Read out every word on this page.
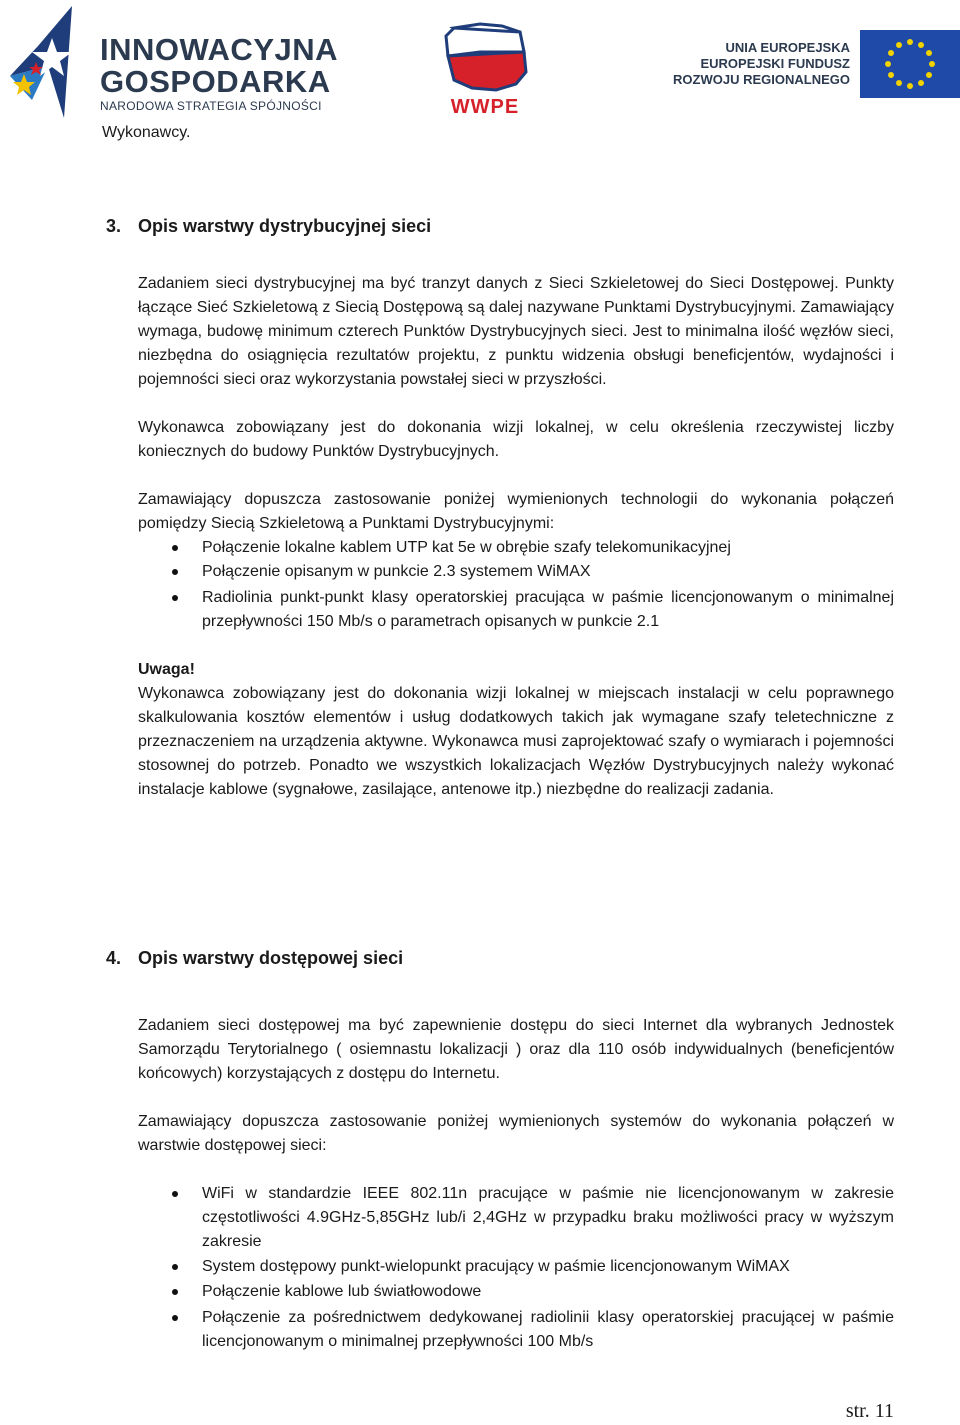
INNOWACYJNA
GOSPODARKA
NARODOWA STRATEGIA SPÓJNOŚCI	WWPE
UNIA EUROPEJSKA
EUROPEJSKI FUNDUSZ
ROZWOJU REGIONALNEGO
Wykonawcy.
3. Opis warstwy dystrybucyjnej sieci
Zadaniem sieci dystrybucyjnej ma być tranzyt danych z Sieci Szkieletowej do Sieci Dostępowej. Punkty łączące Sieć Szkieletową z Siecią Dostępową są dalej nazywane Punktami Dystrybucyjnymi. Zamawiający wymaga, budowę minimum czterech Punktów Dystrybucyjnych sieci. Jest to minimalna ilość węzłów sieci, niezbędna do osiągnięcia rezultatów projektu, z punktu widzenia obsługi beneficjentów, wydajności i pojemności sieci oraz wykorzystania powstałej sieci w przyszłości.
Wykonawca zobowiązany jest do dokonania wizji lokalnej, w celu określenia rzeczywistej liczby koniecznych do budowy Punktów Dystrybucyjnych.
Zamawiający dopuszcza zastosowanie poniżej wymienionych technologii do wykonania połączeń pomiędzy Siecią Szkieletową a Punktami Dystrybucyjnymi:
Połączenie lokalne kablem UTP kat 5e w obrębie szafy telekomunikacyjnej
Połączenie opisanym w punkcie 2.3 systemem WiMAX
Radiolinia punkt-punkt klasy operatorskiej pracująca w paśmie licencjonowanym o minimalnej przepływności 150 Mb/s o parametrach opisanych w punkcie 2.1
Uwaga!
Wykonawca zobowiązany jest do dokonania wizji lokalnej w miejscach instalacji w celu poprawnego skalkulowania kosztów elementów i usług dodatkowych takich jak wymagane szafy teletechniczne z przeznaczeniem na urządzenia aktywne. Wykonawca musi zaprojektować szafy o wymiarach i pojemności stosownej do potrzeb. Ponadto we wszystkich lokalizacjach Węzłów Dystrybucyjnych należy wykonać instalacje kablowe (sygnałowe, zasilające, antenowe itp.) niezbędne do realizacji zadania.
4. Opis warstwy dostępowej sieci
Zadaniem sieci dostępowej ma być zapewnienie dostępu do sieci Internet dla wybranych Jednostek Samorządu Terytorialnego ( osiemnastu lokalizacji ) oraz dla 110 osób indywidualnych (beneficjentów końcowych) korzystających z dostępu do Internetu.
Zamawiający dopuszcza zastosowanie poniżej wymienionych systemów do wykonania połączeń w warstwie dostępowej sieci:
WiFi w standardzie IEEE 802.11n pracujące w paśmie nie licencjonowanym w zakresie częstotliwości 4.9GHz-5,85GHz lub/i 2,4GHz w przypadku braku możliwości pracy w wyższym zakresie
System dostępowy punkt-wielopunkt pracujący w paśmie licencjonowanym WiMAX
Połączenie kablowe lub światłowodowe
Połączenie za pośrednictwem dedykowanej radiolinii klasy operatorskiej pracującej w paśmie licencjonowanym o minimalnej przepływności 100 Mb/s
str. 11
